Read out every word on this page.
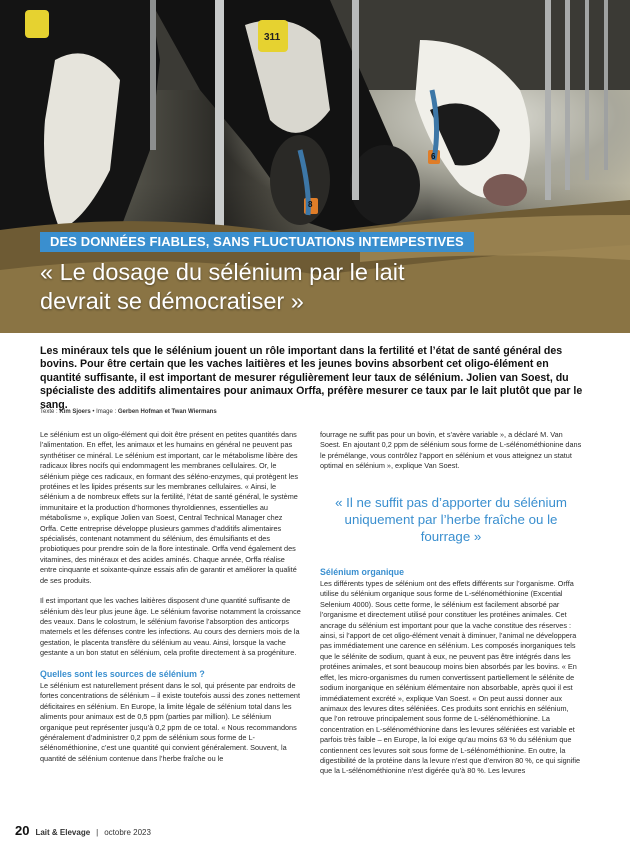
311
8
6
DES DONNÉES FIABLES, SANS FLUCTUATIONS INTEMPESTIVES
« Le dosage du sélénium par le lait devrait se démocratiser »

Les minéraux tels que le sélénium jouent un rôle important dans la fertilité et l’état de santé général des bovins. Pour être certain que les vaches laitières et les jeunes bovins absorbent cet oligo-élément en quantité suffisante, il est important de mesurer régulièrement leur taux de sélénium. Jolien van Soest, du spécialiste des additifs alimentaires pour animaux Orffa, préfère mesurer ce taux par le lait plutôt que par le sang.

Texte : Kim Sjoers • Image : Gerben Hofman et Twan Wiermans

Le sélénium est un oligo-élément qui doit être présent en petites quantités dans l’alimentation. En effet, les animaux et les humains en général ne peuvent pas synthétiser ce minéral. Le sélénium est important, car le métabolisme libère des radicaux libres nocifs qui endommagent les membranes cellulaires. Or, le sélénium piège ces radicaux, en formant des séléno-enzymes, qui protègent les protéines et les lipides présents sur les membranes cellulaires. « Ainsi, le sélénium a de nombreux effets sur la fertilité, l’état de santé général, le système immunitaire et la production d’hormones thyroïdiennes, essentielles au métabolisme », explique Jolien van Soest, Central Technical Manager chez Orffa. Cette entreprise développe plusieurs gammes d’additifs alimentaires spécialisés, contenant notamment du sélénium, des émulsifiants et des probiotiques pour prendre soin de la flore intestinale. Orffa vend également des vitamines, des minéraux et des acides aminés. Chaque année, Orffa réalise entre cinquante et soixante-quinze essais afin de garantir et améliorer la qualité de ses produits.

Il est important que les vaches laitières disposent d’une quantité suffisante de sélénium dès leur plus jeune âge. Le sélénium favorise notamment la croissance des veaux. Dans le colostrum, le sélénium favorise l’absorption des anticorps maternels et les défenses contre les infections. Au cours des derniers mois de la gestation, le placenta transfère du sélénium au veau. Ainsi, lorsque la vache gestante a un bon statut en sélénium, cela profite directement à sa progéniture.

Quelles sont les sources de sélénium ?

Le sélénium est naturellement présent dans le sol, qui présente par endroits de fortes concentrations de sélénium – il existe toutefois aussi des zones nettement déficitaires en sélénium. En Europe, la limite légale de sélénium total dans les aliments pour animaux est de 0,5 ppm (parties par million). Le sélénium organique peut représenter jusqu’à 0,2 ppm de ce total. « Nous recommandons généralement d’administrer 0,2 ppm de sélénium sous forme de L-sélénométhionine, c’est une quantité qui convient généralement. Souvent, la quantité de sélénium contenue dans l’herbe fraîche ou le

fourrage ne suffit pas pour un bovin, et s’avère variable », a déclaré M. Van Soest. En ajoutant 0,2 ppm de sélénium sous forme de L-sélénométhionine dans le prémélange, vous contrôlez l’apport en sélénium et vous atteignez un statut optimal en sélénium », explique Van Soest.

« Il ne suffit pas d’apporter du sélénium uniquement par l’herbe fraîche ou le fourrage »
Sélénium organique

Les différents types de sélénium ont des effets différents sur l’organisme. Orffa utilise du sélénium organique sous forme de L-sélénométhionine (Excential Selenium 4000). Sous cette forme, le sélénium est facilement absorbé par l’organisme et directement utilisé pour constituer les protéines animales. Cet ancrage du sélénium est important pour que la vache constitue des réserves : ainsi, si l’apport de cet oligo-élément venait à diminuer, l’animal ne développera pas immédiatement une carence en sélénium. Les composés inorganiques tels que le sélénite de sodium, quant à eux, ne peuvent pas être intégrés dans les protéines animales, et sont beaucoup moins bien absorbés par les bovins. « En effet, les micro-organismes du rumen convertissent partiellement le sélénite de sodium inorganique en sélénium élémentaire non absorbable, après quoi il est immédiatement excrété », explique Van Soest. « On peut aussi donner aux animaux des levures dites séléniées. Ces produits sont enrichis en sélénium, que l’on retrouve principalement sous forme de L-sélénométhionine. La concentration en L-sélénométhionine dans les levures séléniées est variable et parfois très faible – en Europe, la loi exige qu’au moins 63 % du sélénium que contiennent ces levures soit sous forme de L-sélénométhionine. En outre, la digestibilité de la protéine dans la levure n’est que d’environ 80 %, ce qui signifie que la L-sélénométhionine n’est digérée qu’à 80 %. Les levures

20 Lait & Elevage | octobre 2023
